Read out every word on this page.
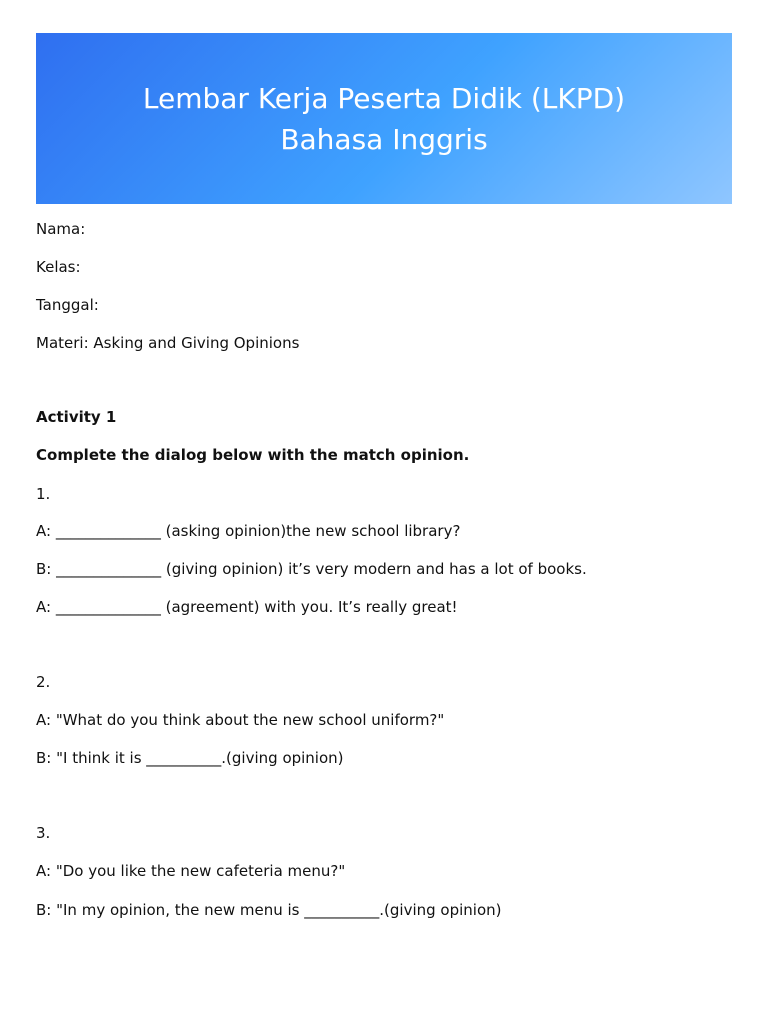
Lembar Kerja Peserta Didik (LKPD)
Bahasa Inggris
Nama:
Kelas:
Tanggal:
Materi: Asking and Giving Opinions
Activity 1
Complete the dialog below with the match opinion.
1.
A: ______________ (asking opinion)the new school library?
B: ______________ (giving opinion) it’s very modern and has a lot of books.
A: ______________ (agreement) with you. It’s really great!
2.
A: "What do you think about the new school uniform?"
B: "I think it is __________.(giving opinion)
3.
A: "Do you like the new cafeteria menu?"
B: "In my opinion, the new menu is __________.(giving opinion)
